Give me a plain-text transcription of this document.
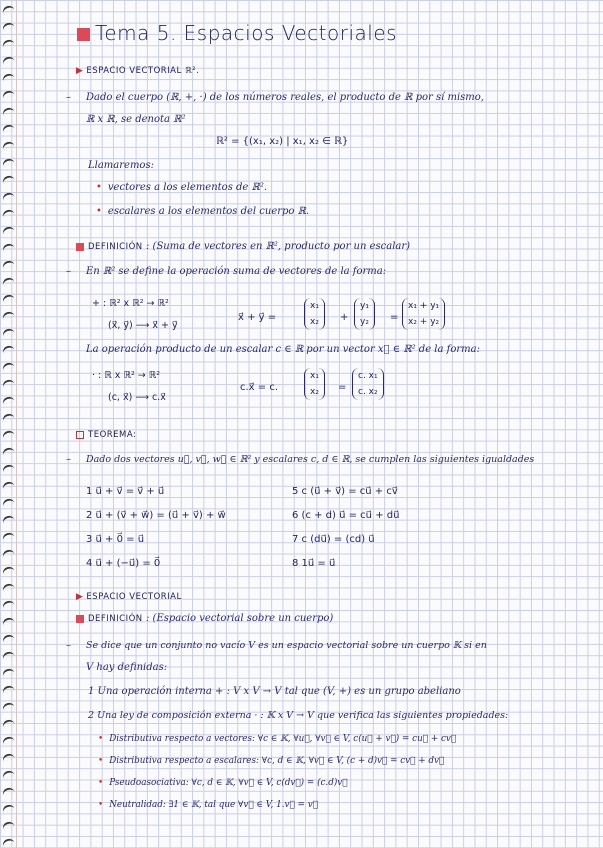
Tema 5. Espacios Vectoriales
▶ ESPACIO VECTORIAL ℝ².
– Dado el cuerpo (ℝ, +, ·) de los números reales, el producto de ℝ por sí mismo,
ℝ x ℝ, se denota ℝ²
ℝ² = {(x₁, x₂) | x₁, x₂ ∈ ℝ}
Llamaremos:
• vectores a los elementos de ℝ².
• escalares a los elementos del cuerpo ℝ.
DEFINICIÓN : (Suma de vectores en ℝ², producto por un escalar)
– En ℝ² se define la operación suma de vectores de la forma:
+ : ℝ² x ℝ² → ℝ²
(x⃗, y⃗) ⟶ x⃗ + y⃗
x⃗ + y⃗ =
x₁
x₂	+
y₁
y₂	=
x₁ + y₁
x₂ + y₂
La operación producto de un escalar c ∈ ℝ por un vector x⃗ ∈ ℝ² de la forma:
· : ℝ x ℝ² → ℝ²
(c, x⃗) ⟶ c.x⃗
c.x⃗ = c.
x₁
x₂	=
c. x₁
c. x₂
TEOREMA:
– Dado dos vectores u⃗, v⃗, w⃗ ∈ ℝ² y escalares c, d ∈ ℝ, se cumplen las siguientes igualdades
1 u⃗ + v⃗ = v⃗ + u⃗
2 u⃗ + (v⃗ + w⃗) = (u⃗ + v⃗) + w⃗
3 u⃗ + 0⃗ = u⃗
4 u⃗ + (−u⃗) = 0⃗
5 c (u⃗ + v⃗) = cu⃗ + cv⃗
6 (c + d) u⃗ = cu⃗ + du⃗
7 c (du⃗) = (cd) u⃗
8 1u⃗ = u⃗
▶ ESPACIO VECTORIAL
DEFINICIÓN : (Espacio vectorial sobre un cuerpo)
– Se dice que un conjunto no vacío V es un espacio vectorial sobre un cuerpo 𝕂 si en
V hay definidas:
1 Una operación interna + : V x V → V tal que (V, +) es un grupo abeliano
2 Una ley de composición externa · : 𝕂 x V → V que verifica las siguientes propiedades:
• Distributiva respecto a vectores: ∀c ∈ 𝕂, ∀u⃗, ∀v⃗ ∈ V, c(u⃗ + v⃗) = cu⃗ + cv⃗
• Distributiva respecto a escalares: ∀c, d ∈ 𝕂, ∀v⃗ ∈ V, (c + d)v⃗ = cv⃗ + dv⃗
• Pseudoasociativa: ∀c, d ∈ 𝕂, ∀v⃗ ∈ V, c(dv⃗) = (c.d)v⃗
• Neutralidad: ∃1 ∈ 𝕂, tal que ∀v⃗ ∈ V, 1.v⃗ = v⃗
